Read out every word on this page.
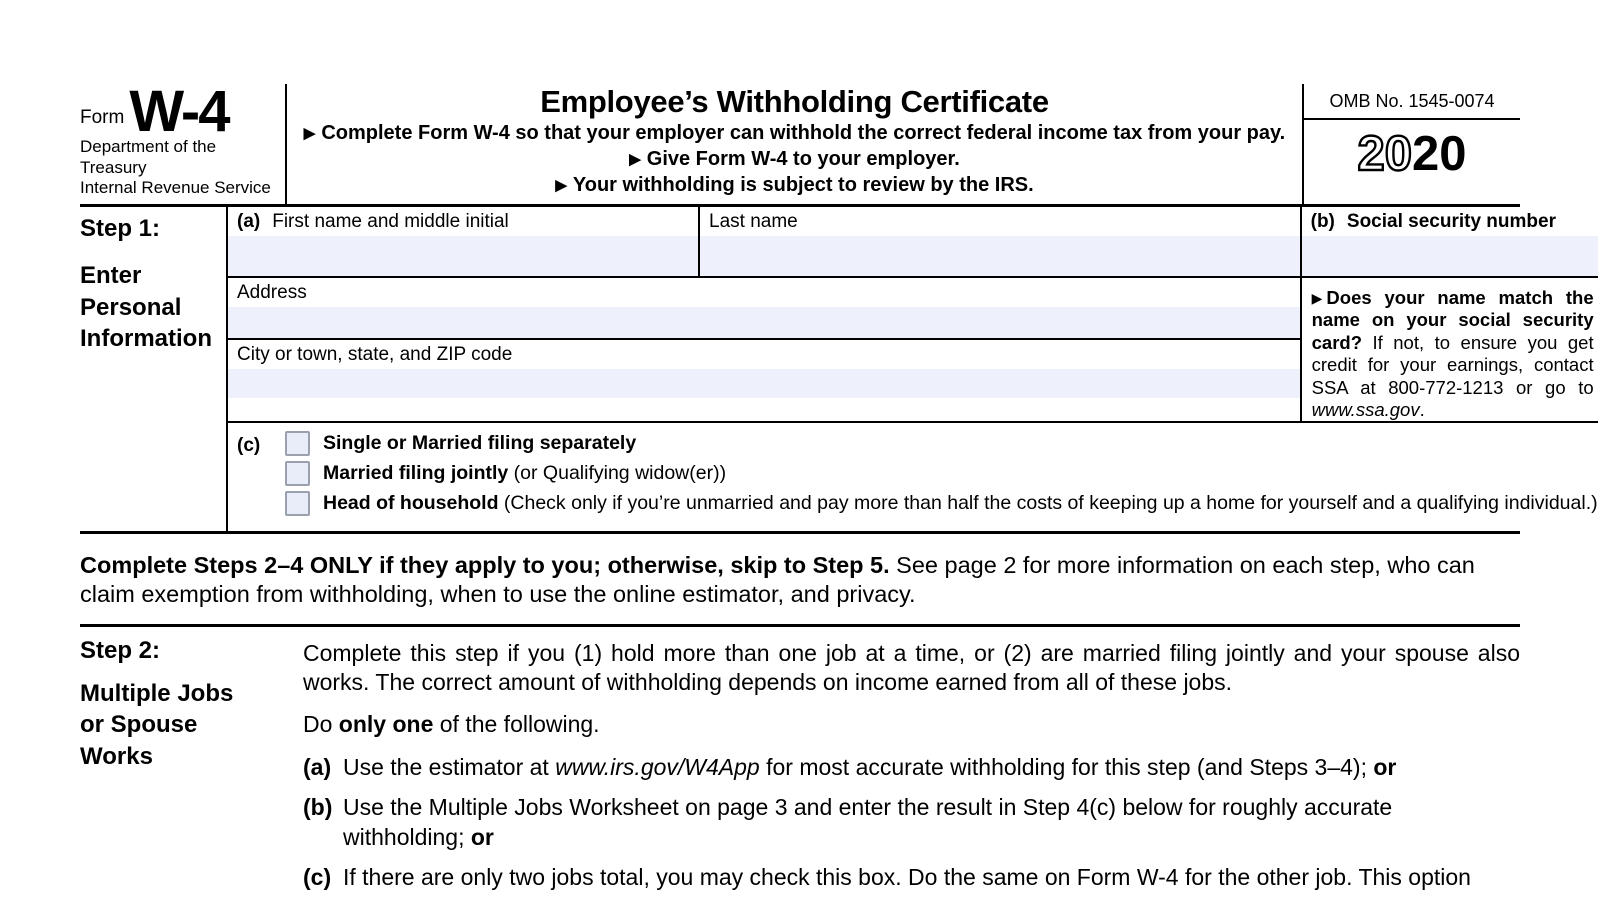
Form W-4
Department of the Treasury
Internal Revenue Service
Employee’s Withholding Certificate
▶ Complete Form W-4 so that your employer can withhold the correct federal income tax from your pay.
▶ Give Form W-4 to your employer.
▶ Your withholding is subject to review by the IRS.
OMB No. 1545-0074
2020
Step 1:
Enter
Personal
Information
(a) First name and middle initial	Last name
Address
City or town, state, and ZIP code
(b) Social security number
▶ Does your name match the name on your social security card? If not, to ensure you get credit for your earnings, contact SSA at 800-772-1213 or go to www.ssa.gov.
(c)	Single or Married filing separately
Married filing jointly (or Qualifying widow(er))
Head of household (Check only if you’re unmarried and pay more than half the costs of keeping up a home for yourself and a qualifying individual.)
Complete Steps 2–4 ONLY if they apply to you; otherwise, skip to Step 5. See page 2 for more information on each step, who can claim exemption from withholding, when to use the online estimator, and privacy.
Step 2:
Multiple Jobs
or Spouse
Works
Complete this step if you (1) hold more than one job at a time, or (2) are married filing jointly and your spouse also works. The correct amount of withholding depends on income earned from all of these jobs.
Do only one of the following.
(a) Use the estimator at www.irs.gov/W4App for most accurate withholding for this step (and Steps 3–4); or
(b) Use the Multiple Jobs Worksheet on page 3 and enter the result in Step 4(c) below for roughly accurate withholding; or
(c) If there are only two jobs total, you may check this box. Do the same on Form W-4 for the other job. This option
